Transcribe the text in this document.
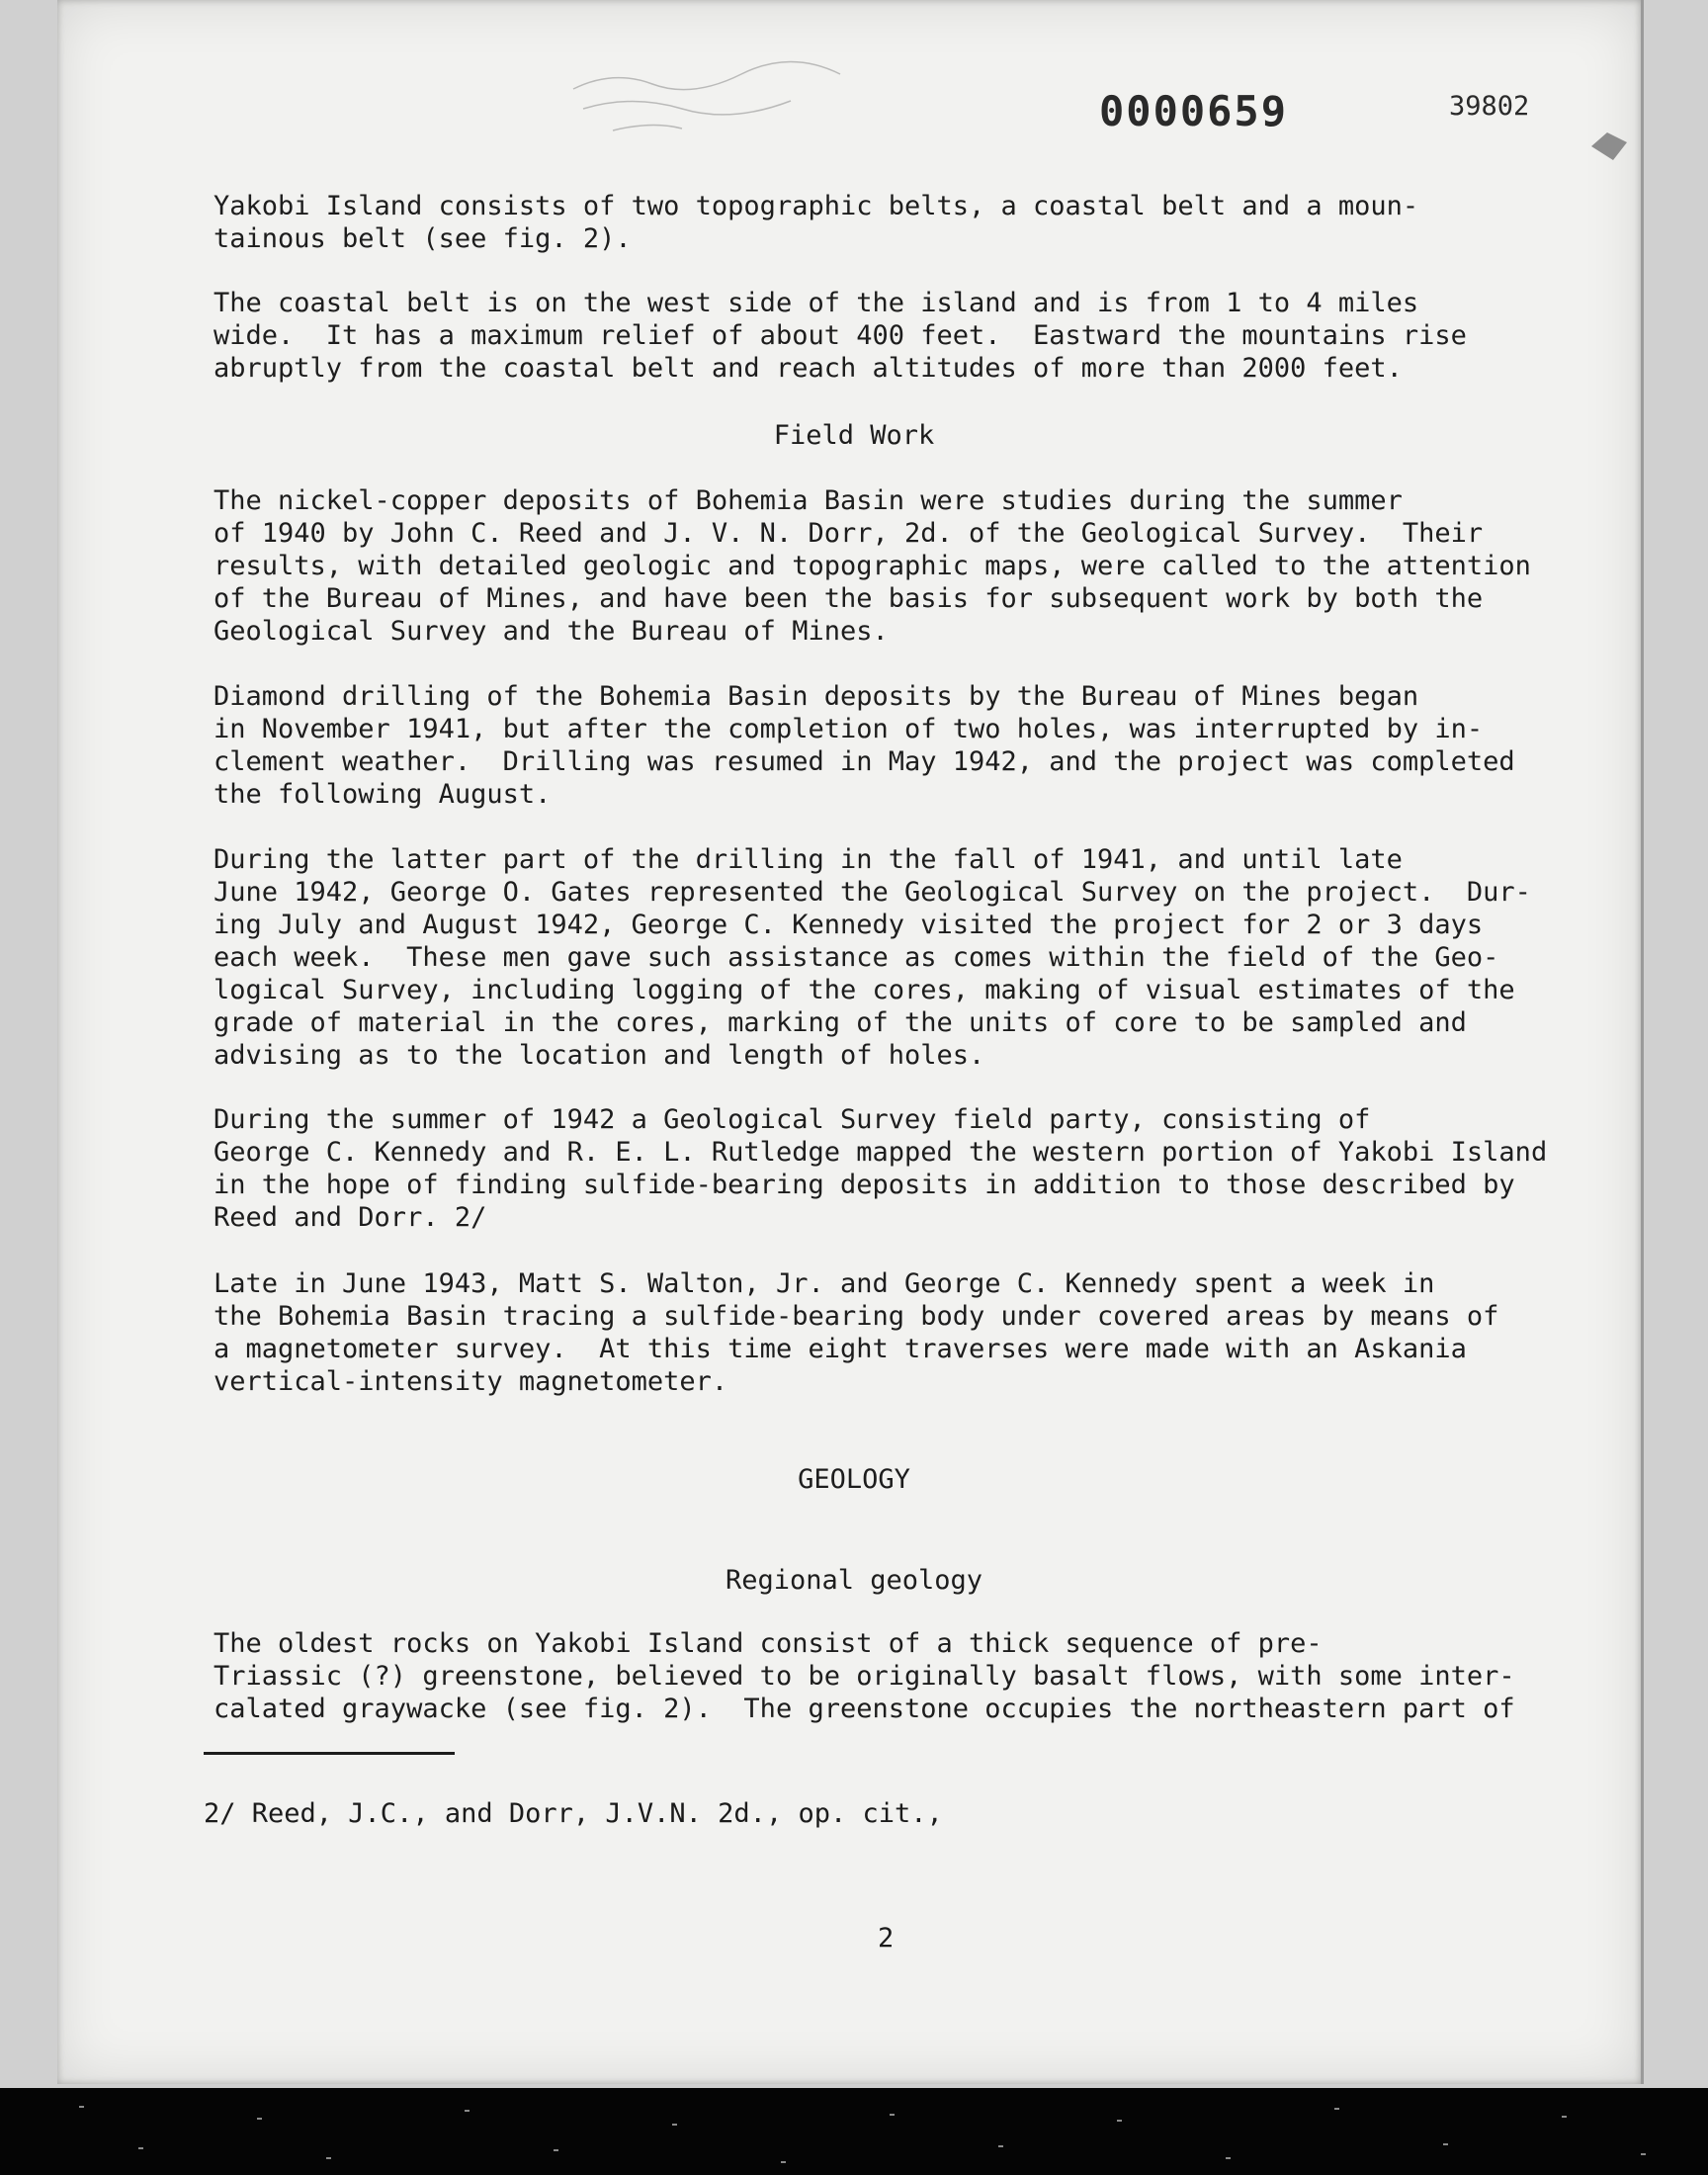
0000659	39802
Yakobi Island consists of two topographic belts, a coastal belt and a moun-
tainous belt (see fig. 2).
The coastal belt is on the west side of the island and is from 1 to 4 miles
wide.  It has a maximum relief of about 400 feet.  Eastward the mountains rise
abruptly from the coastal belt and reach altitudes of more than 2000 feet.
Field Work
The nickel-copper deposits of Bohemia Basin were studies during the summer
of 1940 by John C. Reed and J. V. N. Dorr, 2d. of the Geological Survey.  Their
results, with detailed geologic and topographic maps, were called to the attention
of the Bureau of Mines, and have been the basis for subsequent work by both the
Geological Survey and the Bureau of Mines.
Diamond drilling of the Bohemia Basin deposits by the Bureau of Mines began
in November 1941, but after the completion of two holes, was interrupted by in-
clement weather.  Drilling was resumed in May 1942, and the project was completed
the following August.
During the latter part of the drilling in the fall of 1941, and until late
June 1942, George O. Gates represented the Geological Survey on the project.  Dur-
ing July and August 1942, George C. Kennedy visited the project for 2 or 3 days
each week.  These men gave such assistance as comes within the field of the Geo-
logical Survey, including logging of the cores, making of visual estimates of the
grade of material in the cores, marking of the units of core to be sampled and
advising as to the location and length of holes.
During the summer of 1942 a Geological Survey field party, consisting of
George C. Kennedy and R. E. L. Rutledge mapped the western portion of Yakobi Island
in the hope of finding sulfide-bearing deposits in addition to those described by
Reed and Dorr. 2/
Late in June 1943, Matt S. Walton, Jr. and George C. Kennedy spent a week in
the Bohemia Basin tracing a sulfide-bearing body under covered areas by means of
a magnetometer survey.  At this time eight traverses were made with an Askania
vertical-intensity magnetometer.
GEOLOGY
Regional geology
The oldest rocks on Yakobi Island consist of a thick sequence of pre-
Triassic (?) greenstone, believed to be originally basalt flows, with some inter-
calated graywacke (see fig. 2).  The greenstone occupies the northeastern part of
2/ Reed, J.C., and Dorr, J.V.N. 2d., op. cit.,
2
